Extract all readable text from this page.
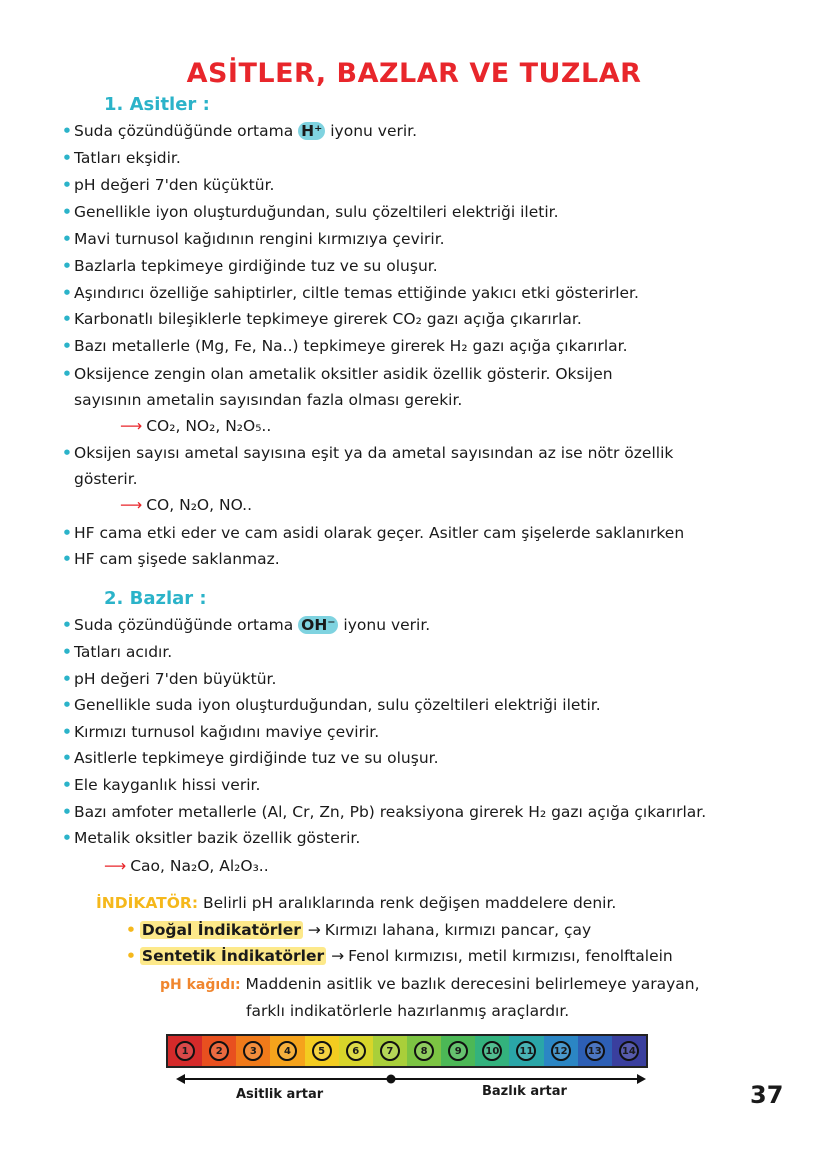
ASİTLER, BAZLAR VE TUZLAR
1. Asitler :
• Suda çözündüğünde ortama H⁺ iyonu verir.
• Tatları ekşidir.
• pH değeri 7'den küçüktür.
• Genellikle iyon oluşturduğundan, sulu çözeltileri elektriği iletir.
• Mavi turnusol kağıdının rengini kırmızıya çevirir.
• Bazlarla tepkimeye girdiğinde tuz ve su oluşur.
• Aşındırıcı özelliğe sahiptirler, ciltle temas ettiğinde yakıcı etki gösterirler.
• Karbonatlı bileşiklerle tepkimeye girerek CO₂ gazı açığa çıkarırlar.
• Bazı metallerle (Mg, Fe, Na..) tepkimeye girerek H₂ gazı açığa çıkarırlar.
• Oksijence zengin olan ametalik oksitler asidik özellik gösterir. Oksijen
sayısının ametalin sayısından fazla olması gerekir.
⟶ CO₂, NO₂, N₂O₅..
• Oksijen sayısı ametal sayısına eşit ya da ametal sayısından az ise nötr özellik
gösterir.
⟶ CO, N₂O, NO..
• HF cama etki eder ve cam asidi olarak geçer. Asitler cam şişelerde saklanırken
• HF cam şişede saklanmaz.
2. Bazlar :
• Suda çözündüğünde ortama OH⁻ iyonu verir.
• Tatları acıdır.
• pH değeri 7'den büyüktür.
• Genellikle suda iyon oluşturduğundan, sulu çözeltileri elektriği iletir.
• Kırmızı turnusol kağıdını maviye çevirir.
• Asitlerle tepkimeye girdiğinde tuz ve su oluşur.
• Ele kayganlık hissi verir.
• Bazı amfoter metallerle (Al, Cr, Zn, Pb) reaksiyona girerek H₂ gazı açığa çıkarırlar.
• Metalik oksitler bazik özellik gösterir.
⟶ Cao, Na₂O, Al₂O₃..
İNDİKATÖR: Belirli pH aralıklarında renk değişen maddelere denir.
• Doğal İndikatörler → Kırmızı lahana, kırmızı pancar, çay
• Sentetik İndikatörler → Fenol kırmızısı, metil kırmızısı, fenolftalein
pH kağıdı: Maddenin asitlik ve bazlık derecesini belirlemeye yarayan,
farklı indikatörlerle hazırlanmış araçlardır.
1	2	3	4	5	6	7	8	9	10	11	12	13	14
Asitlik artar	Bazlık artar	37
